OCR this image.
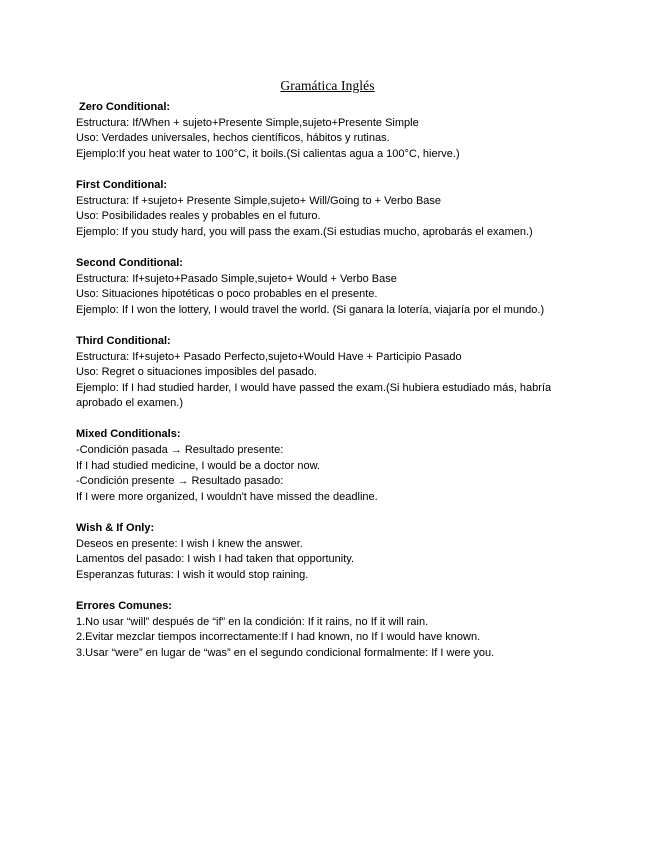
Gramática Inglés

Zero Conditional:

Estructura: If/When + sujeto+Presente Simple,sujeto+Presente Simple

Uso: Verdades universales, hechos científicos, hábitos y rutinas.

Ejemplo:If you heat water to 100°C, it boils.(Si calientas agua a 100°C, hierve.)

First Conditional:

Estructura: If +sujeto+ Presente Simple,sujeto+ Will/Going to + Verbo Base

Uso: Posibilidades reales y probables en el futuro.

Ejemplo: If you study hard, you will pass the exam.(Si estudias mucho, aprobarás el examen.)

Second Conditional:

Estructura: If+sujeto+Pasado Simple,sujeto+ Would + Verbo Base

Uso: Situaciones hipotéticas o poco probables en el presente.

Ejemplo: If I won the lottery, I would travel the world. (Si ganara la lotería, viajaría por el mundo.)

Third Conditional:

Estructura: If+sujeto+ Pasado Perfecto,sujeto+Would Have + Participio Pasado

Uso: Regret o situaciones imposibles del pasado.

Ejemplo: If I had studied harder, I would have passed the exam.(Si hubiera estudiado más, habría aprobado el examen.)

Mixed Conditionals:

-Condición pasada → Resultado presente:

If I had studied medicine, I would be a doctor now.

-Condición presente → Resultado pasado:

If I were more organized, I wouldn't have missed the deadline.

Wish & If Only:

Deseos en presente: I wish I knew the answer.

Lamentos del pasado: I wish I had taken that opportunity.

Esperanzas futuras: I wish it would stop raining.

Errores Comunes:

1.No usar “will” después de “if” en la condición: If it rains, no If it will rain.

2.Evitar mezclar tiempos incorrectamente:If I had known, no If I would have known.

3.Usar “were” en lugar de “was” en el segundo condicional formalmente: If I were you.
